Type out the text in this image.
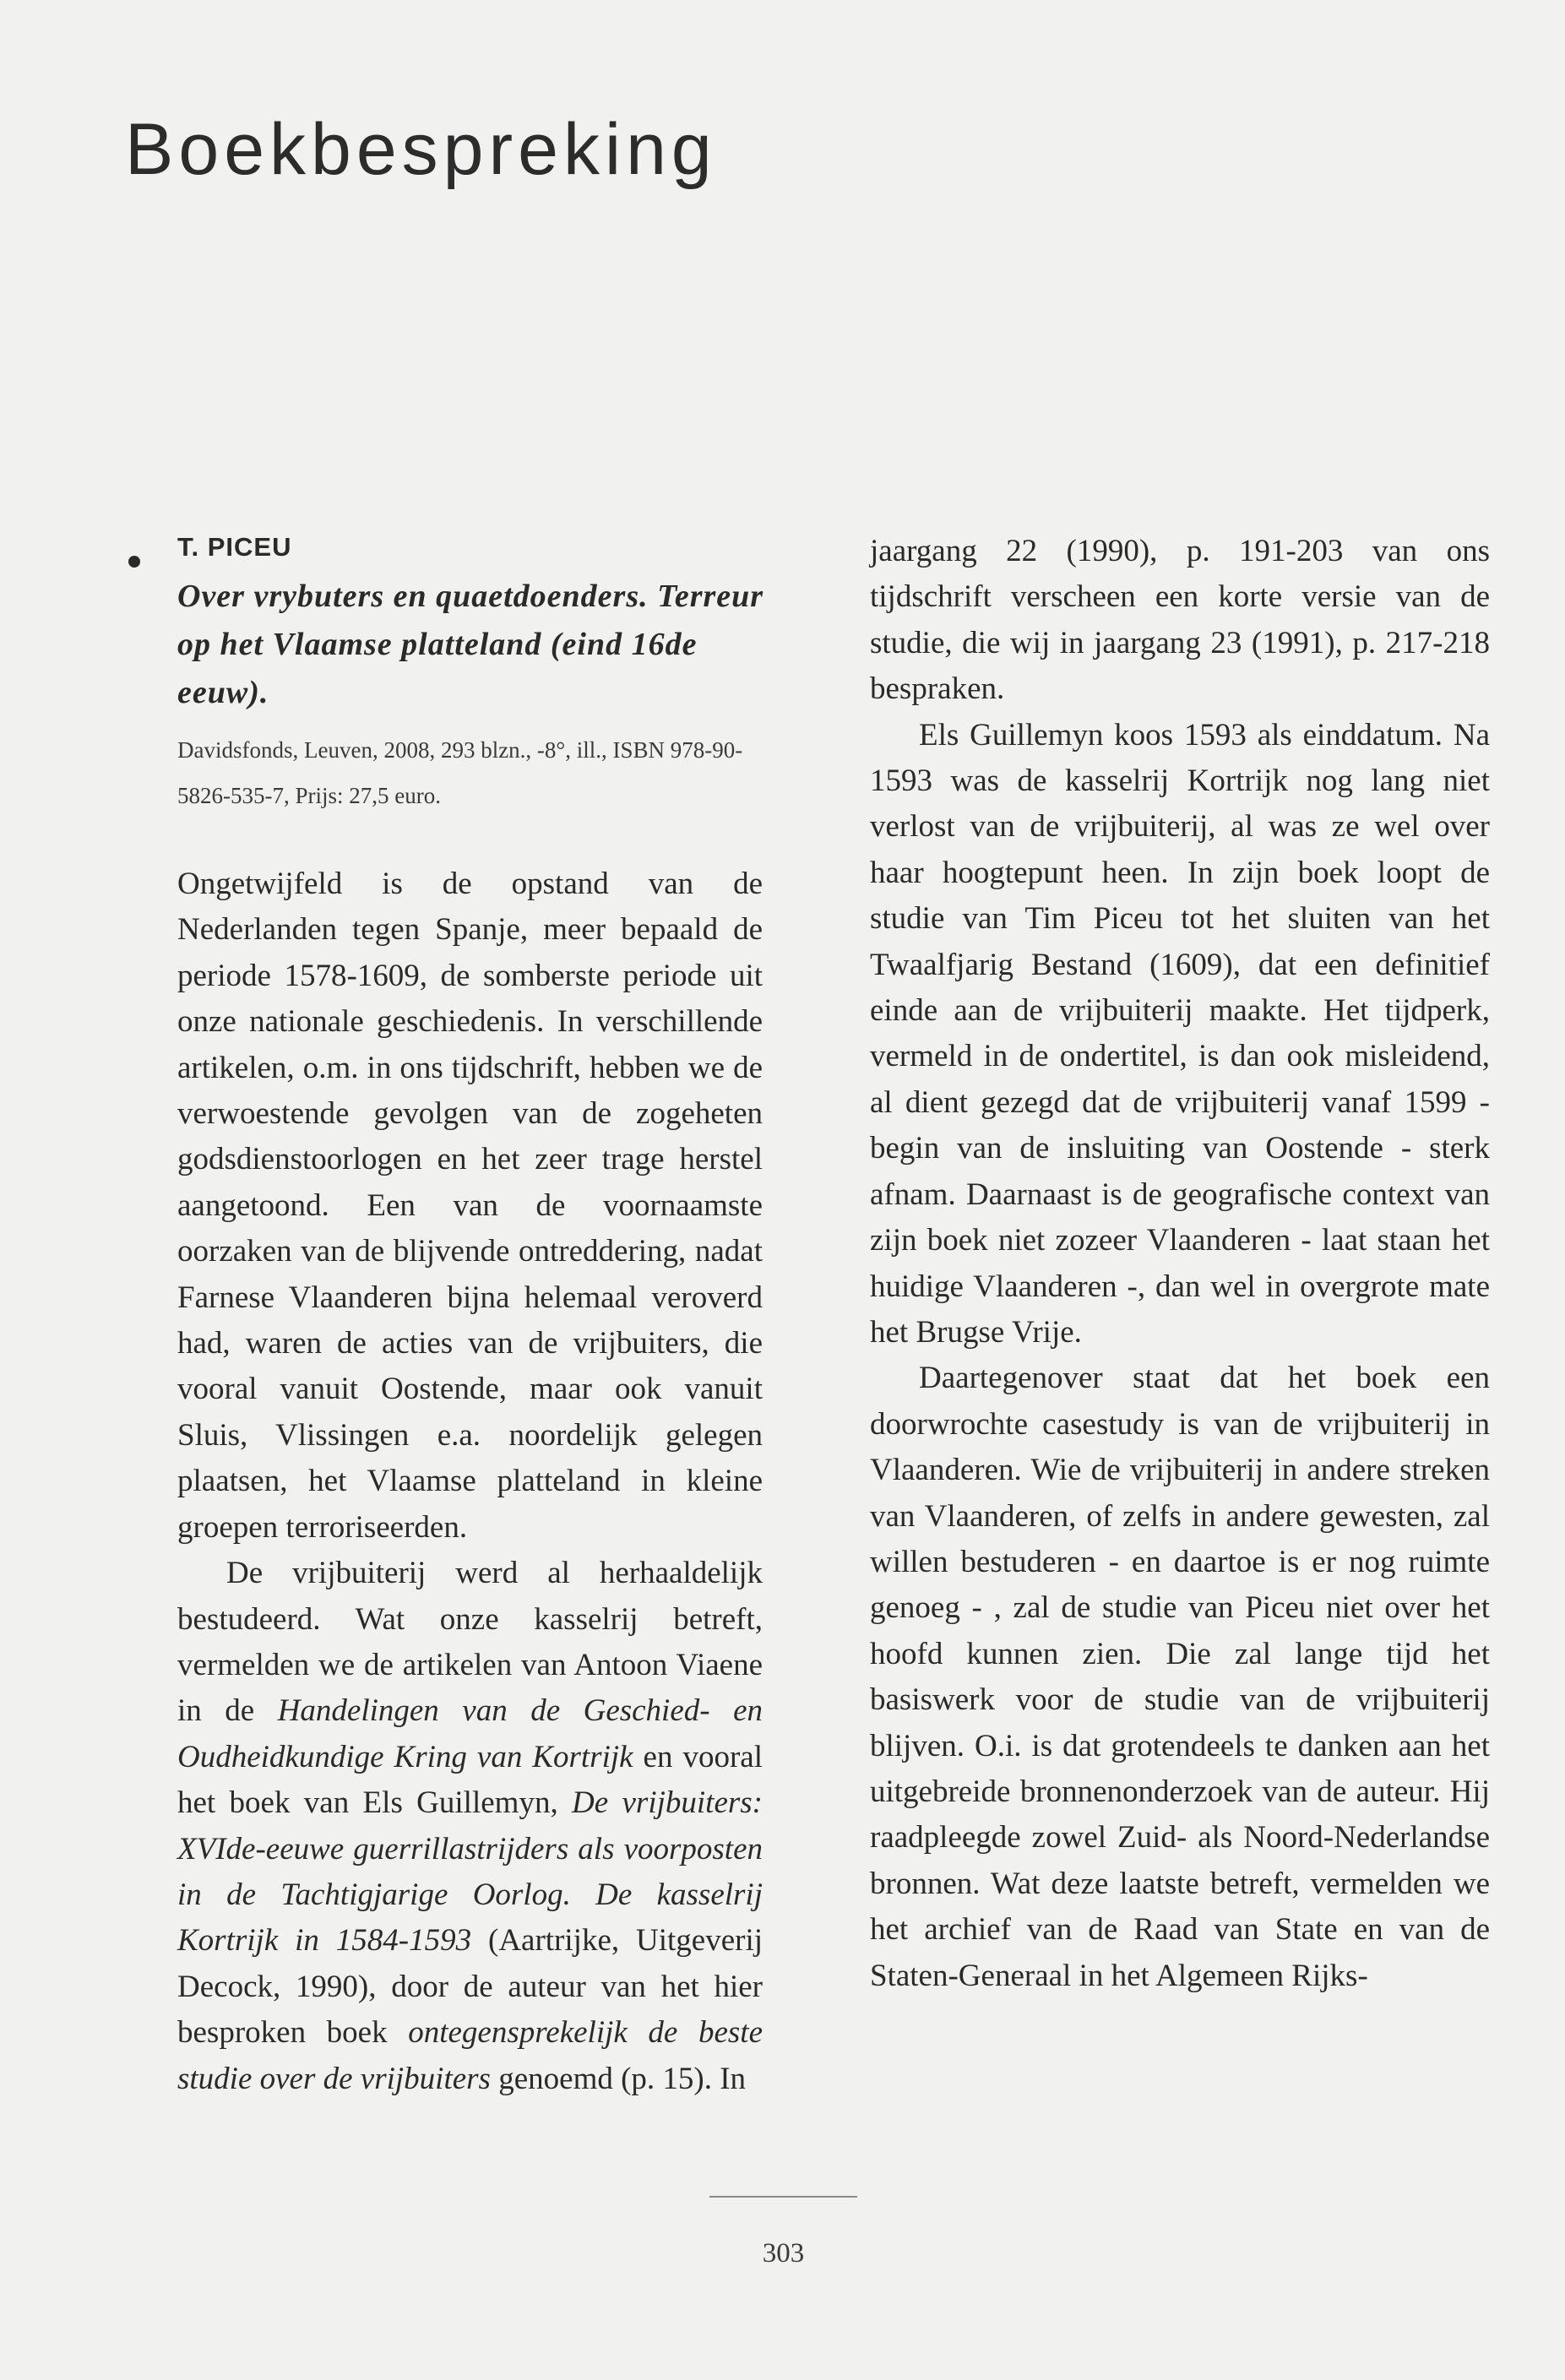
Boekbespreking
T. PICEU
Over vrybuters en quaetdoenders. Terreur op het Vlaamse platteland (eind 16de eeuw).
Davidsfonds, Leuven, 2008, 293 blzn., -8°, ill., ISBN 978-90-5826-535-7, Prijs: 27,5 euro.

Ongetwijfeld is de opstand van de Nederlanden tegen Spanje, meer bepaald de periode 1578-1609, de somberste periode uit onze nationale geschiedenis. In verschillende artikelen, o.m. in ons tijdschrift, hebben we de verwoestende gevolgen van de zogeheten godsdienstoorlogen en het zeer trage herstel aangetoond. Een van de voornaamste oorzaken van de blijvende ontreddering, nadat Farnese Vlaanderen bijna helemaal veroverd had, waren de acties van de vrijbuiters, die vooral vanuit Oostende, maar ook vanuit Sluis, Vlissingen e.a. noordelijk gelegen plaatsen, het Vlaamse platteland in kleine groepen terroriseerden.

De vrijbuiterij werd al herhaaldelijk bestudeerd. Wat onze kasselrij betreft, vermelden we de artikelen van Antoon Viaene in de Handelingen van de Geschied- en Oudheidkundige Kring van Kortrijk en vooral het boek van Els Guillemyn, De vrijbuiters: XVIde-eeuwe guerrillastrijders als voorposten in de Tachtigjarige Oorlog. De kasselrij Kortrijk in 1584-1593 (Aartrijke, Uitgeverij Decock, 1990), door de auteur van het hier besproken boek ontegensprekelijk de beste studie over de vrijbuiters genoemd (p. 15). In

jaargang 22 (1990), p. 191-203 van ons tijdschrift verscheen een korte versie van de studie, die wij in jaargang 23 (1991), p. 217-218 bespraken.

Els Guillemyn koos 1593 als einddatum. Na 1593 was de kasselrij Kortrijk nog lang niet verlost van de vrijbuiterij, al was ze wel over haar hoogtepunt heen. In zijn boek loopt de studie van Tim Piceu tot het sluiten van het Twaalfjarig Bestand (1609), dat een definitief einde aan de vrijbuiterij maakte. Het tijdperk, vermeld in de ondertitel, is dan ook misleidend, al dient gezegd dat de vrijbuiterij vanaf 1599 - begin van de insluiting van Oostende - sterk afnam. Daarnaast is de geografische context van zijn boek niet zozeer Vlaanderen - laat staan het huidige Vlaanderen -, dan wel in overgrote mate het Brugse Vrije.

Daartegenover staat dat het boek een doorwrochte casestudy is van de vrijbuiterij in Vlaanderen. Wie de vrijbuiterij in andere streken van Vlaanderen, of zelfs in andere gewesten, zal willen bestuderen - en daartoe is er nog ruimte genoeg - , zal de studie van Piceu niet over het hoofd kunnen zien. Die zal lange tijd het basiswerk voor de studie van de vrijbuiterij blijven. O.i. is dat grotendeels te danken aan het uitgebreide bronnenonderzoek van de auteur. Hij raadpleegde zowel Zuid- als Noord-Nederlandse bronnen. Wat deze laatste betreft, vermelden we het archief van de Raad van State en van de Staten-Generaal in het Algemeen Rijks-

303
